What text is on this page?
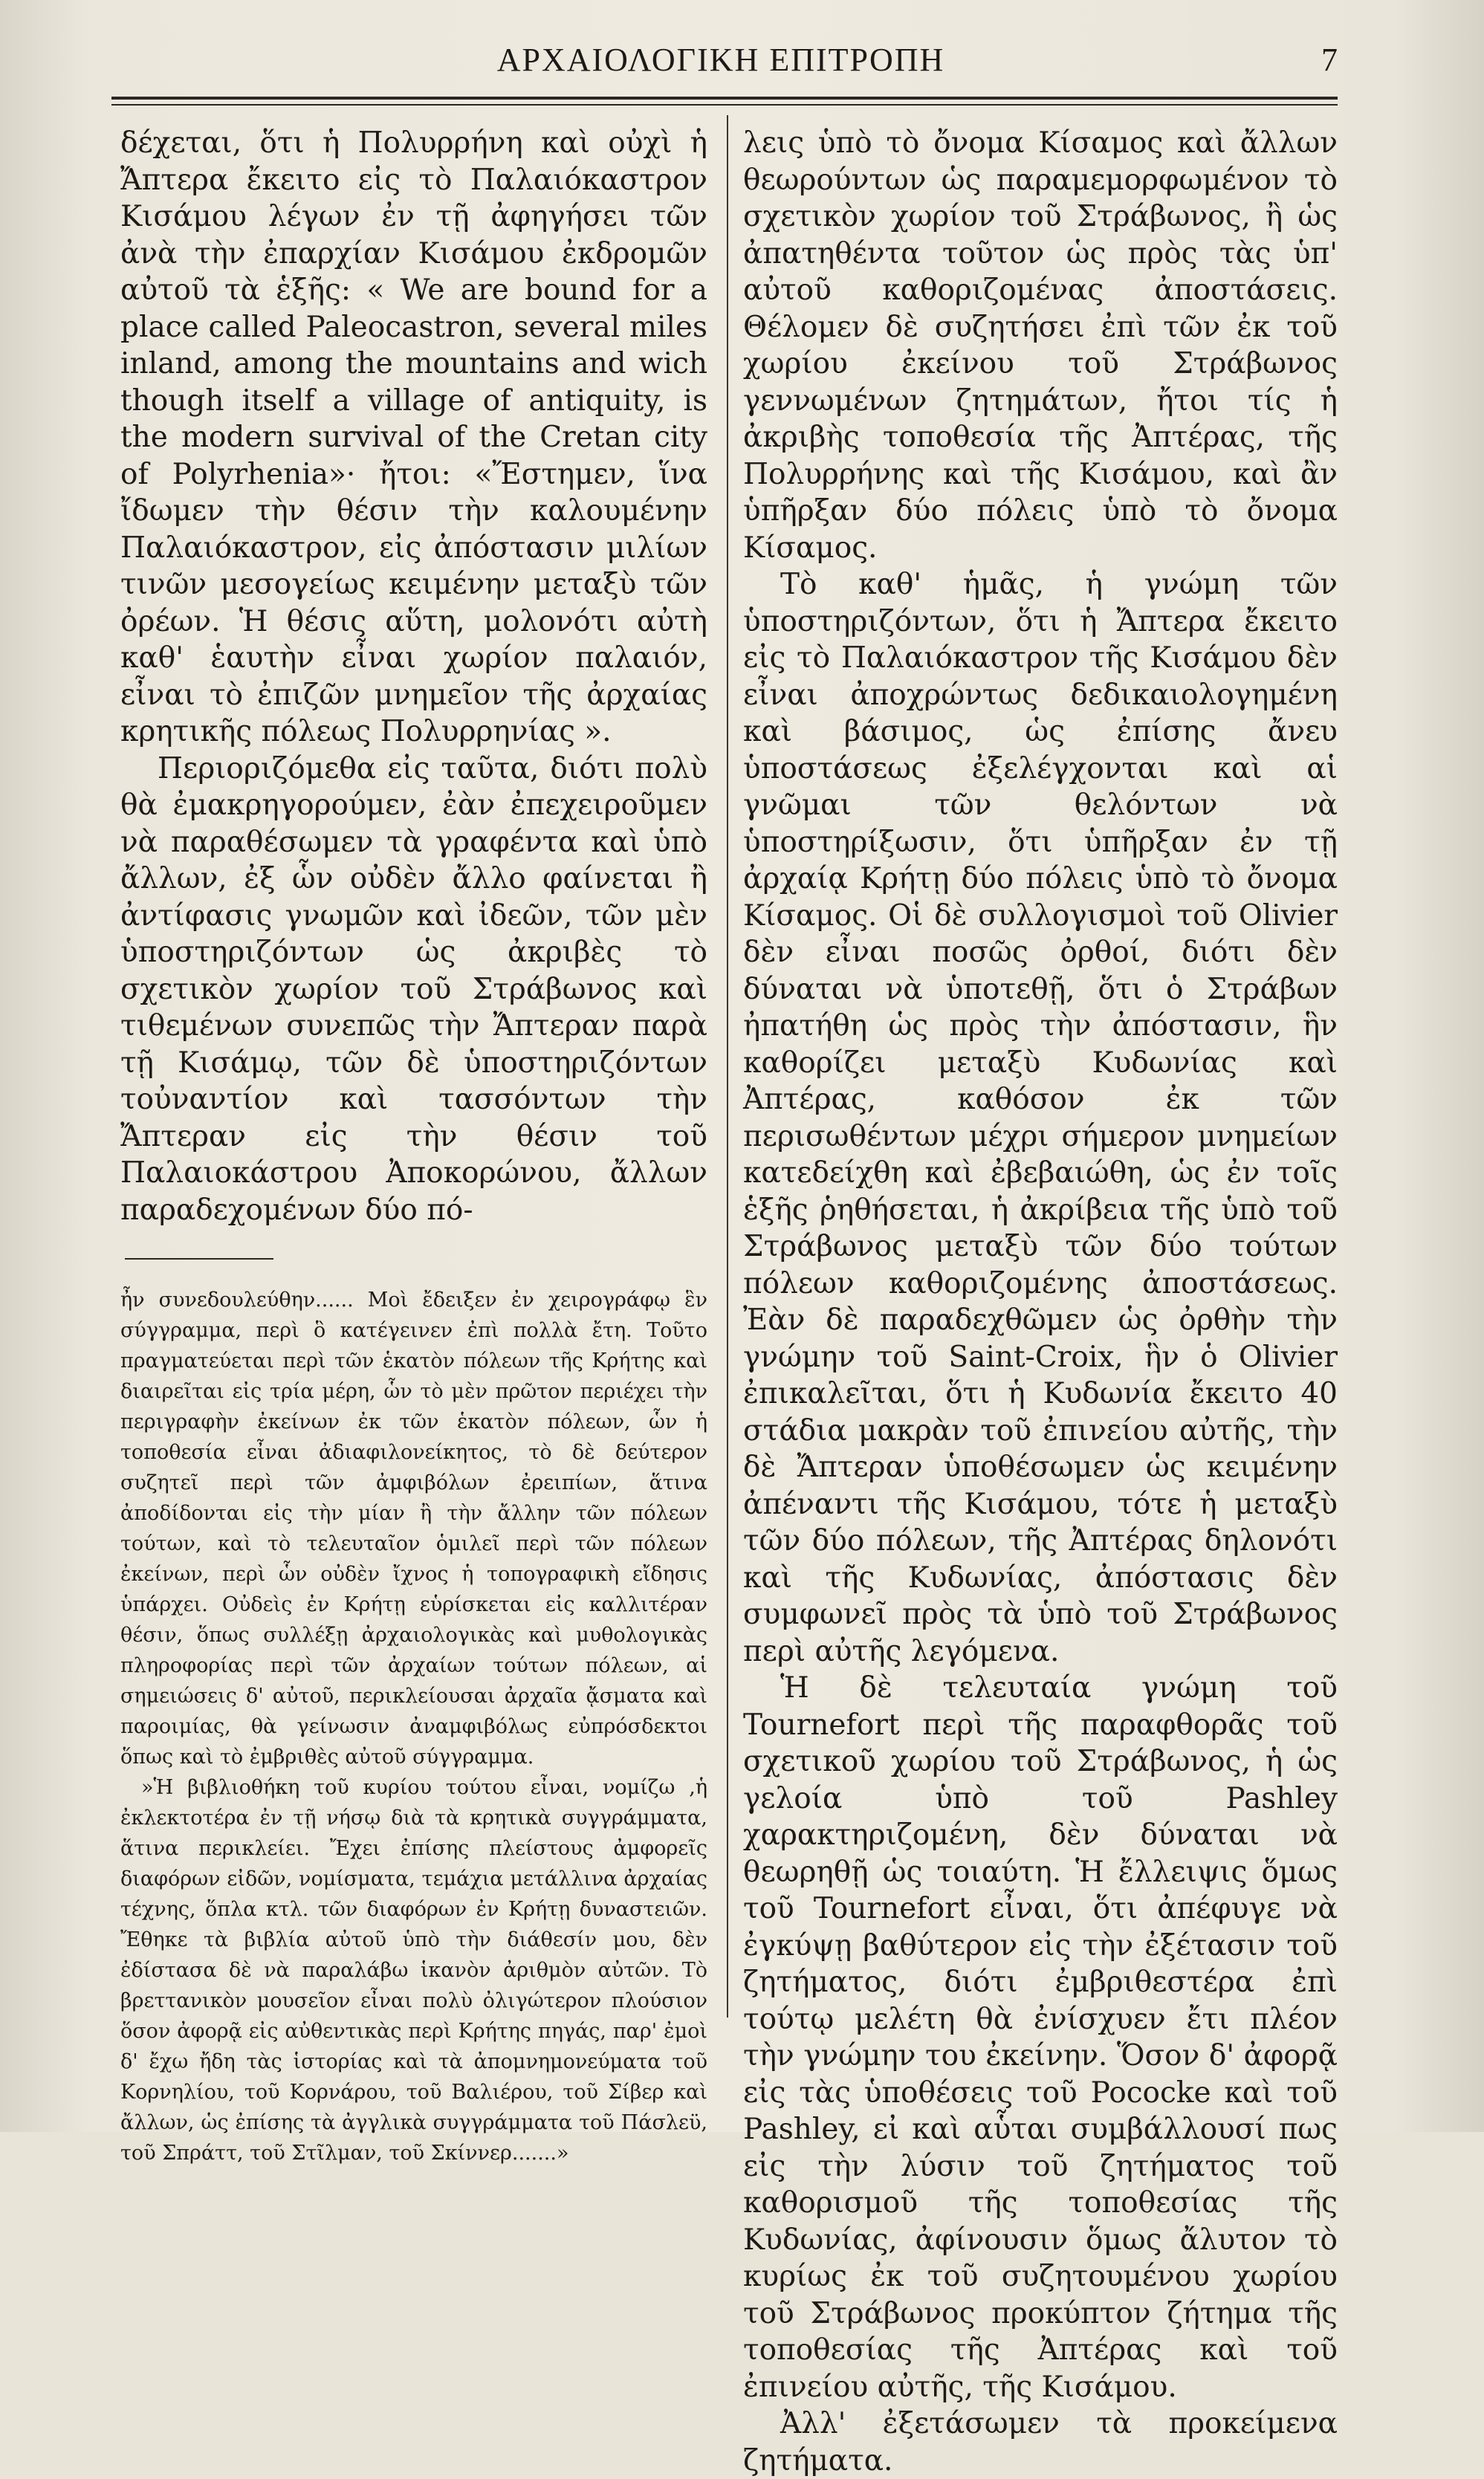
ΑΡΧΑΙΟΛΟΓΙΚΗ ΕΠΙΤΡΟΠΗ	7

δέχεται, ὅτι ἡ Πολυρρήνη καὶ οὐχὶ ἡ Ἄπτερα ἔκειτο εἰς τὸ Παλαιόκαστρον Κισάμου λέγων ἐν τῇ ἀφηγήσει τῶν ἀνὰ τὴν ἐπαρχίαν Κισάμου ἐκδρομῶν αὐτοῦ τὰ ἑξῆς: « We are bound for a place called Paleocastron, several miles inland, among the mountains and wich though itself a village of antiquity, is the modern survival of the Cretan city of Polyrhenia»· ἤτοι: «Ἔστημεν, ἵνα ἴδωμεν τὴν θέσιν τὴν καλουμένην Παλαιόκαστρον, εἰς ἀπόστασιν μιλίων τινῶν μεσογείως κειμένην μεταξὺ τῶν ὀρέων. Ἡ θέσις αὕτη, μολονότι αὐτὴ καθ' ἑαυτὴν εἶναι χωρίον παλαιόν, εἶναι τὸ ἐπιζῶν μνημεῖον τῆς ἀρχαίας κρητικῆς πόλεως Πολυρρηνίας ».

Περιοριζόμεθα εἰς ταῦτα, διότι πολὺ θὰ ἐμακρηγορούμεν, ἐὰν ἐπεχειροῦμεν νὰ παραθέσωμεν τὰ γραφέντα καὶ ὑπὸ ἄλλων, ἐξ ὧν οὐδὲν ἄλλο φαίνεται ἢ ἀντίφασις γνωμῶν καὶ ἰδεῶν, τῶν μὲν ὑποστηριζόντων ὡς ἀκριβὲς τὸ σχετικὸν χωρίον τοῦ Στράβωνος καὶ τιθεμένων συνεπῶς τὴν Ἄπτεραν παρὰ τῇ Κισάμῳ, τῶν δὲ ὑποστηριζόντων τοὐναντίον καὶ τασσόντων τὴν Ἄπτεραν εἰς τὴν θέσιν τοῦ Παλαιοκάστρου Ἀποκορώνου, ἄλλων παραδεχομένων δύο πό-

ἦν συνεδουλεύθην...... Μοὶ ἔδειξεν ἐν χειρογράφῳ ἓν σύγγραμμα, περὶ ὃ κατέγεινεν ἐπὶ πολλὰ ἔτη. Τοῦτο πραγματεύεται περὶ τῶν ἑκατὸν πόλεων τῆς Κρήτης καὶ διαιρεῖται εἰς τρία μέρη, ὧν τὸ μὲν πρῶτον περιέχει τὴν περιγραφὴν ἐκείνων ἐκ τῶν ἑκατὸν πόλεων, ὧν ἡ τοποθεσία εἶναι ἀδιαφιλονείκητος, τὸ δὲ δεύτερον συζητεῖ περὶ τῶν ἀμφιβόλων ἐρειπίων, ἅτινα ἀποδίδονται εἰς τὴν μίαν ἢ τὴν ἄλλην τῶν πόλεων τούτων, καὶ τὸ τελευταῖον ὁμιλεῖ περὶ τῶν πόλεων ἐκείνων, περὶ ὧν οὐδὲν ἴχνος ἡ τοπογραφικὴ εἴδησις ὑπάρχει. Οὐδεὶς ἐν Κρήτῃ εὑρίσκεται εἰς καλλιτέραν θέσιν, ὅπως συλλέξῃ ἀρχαιολογικὰς καὶ μυθολογικὰς πληροφορίας περὶ τῶν ἀρχαίων τούτων πόλεων, αἱ σημειώσεις δ' αὐτοῦ, περικλείουσαι ἀρχαῖα ᾄσματα καὶ παροιμίας, θὰ γείνωσιν ἀναμφιβόλως εὐπρόσδεκτοι ὅπως καὶ τὸ ἐμβριθὲς αὐτοῦ σύγγραμμα.

»Ἡ βιβλιοθήκη τοῦ κυρίου τούτου εἶναι, νομίζω ,ἡ ἐκλεκτοτέρα ἐν τῇ νήσῳ διὰ τὰ κρητικὰ συγγράμματα, ἅτινα περικλείει. Ἔχει ἐπίσης πλείστους ἀμφορεῖς διαφόρων εἰδῶν, νομίσματα, τεμάχια μετάλλινα ἀρχαίας τέχνης, ὅπλα κτλ. τῶν διαφόρων ἐν Κρήτῃ δυναστειῶν. Ἔθηκε τὰ βιβλία αὐτοῦ ὑπὸ τὴν διάθεσίν μου, δὲν ἐδίστασα δὲ νὰ παραλάβω ἱκανὸν ἀριθμὸν αὐτῶν. Τὸ βρεττανικὸν μουσεῖον εἶναι πολὺ ὀλιγώτερον πλούσιον ὅσον ἀφορᾷ εἰς αὐθεντικὰς περὶ Κρήτης πηγάς, παρ' ἐμοὶ δ' ἔχω ἤδη τὰς ἱστορίας καὶ τὰ ἀπομνημονεύματα τοῦ Κορνηλίου, τοῦ Κορνάρου, τοῦ Βαλιέρου, τοῦ Σίβερ καὶ ἄλλων, ὡς ἐπίσης τὰ ἀγγλικὰ συγγράμματα τοῦ Πάσλεϋ, τοῦ Σπράττ, τοῦ Στῖλμαν, τοῦ Σκίννερ.......»

λεις ὑπὸ τὸ ὄνομα Κίσαμος καὶ ἄλλων θεωρούντων ὡς παραμεμορφωμένον τὸ σχετικὸν χωρίον τοῦ Στράβωνος, ἢ ὡς ἀπατηθέντα τοῦτον ὡς πρὸς τὰς ὑπ' αὐτοῦ καθοριζομένας ἀποστάσεις. Θέλομεν δὲ συζητήσει ἐπὶ τῶν ἐκ τοῦ χωρίου ἐκείνου τοῦ Στράβωνος γεννωμένων ζητημάτων, ἤτοι τίς ἡ ἀκριβὴς τοποθεσία τῆς Ἀπτέρας, τῆς Πολυρρήνης καὶ τῆς Κισάμου, καὶ ἂν ὑπῆρξαν δύο πόλεις ὑπὸ τὸ ὄνομα Κίσαμος.

Τὸ καθ' ἡμᾶς, ἡ γνώμη τῶν ὑποστηριζόντων, ὅτι ἡ Ἄπτερα ἔκειτο εἰς τὸ Παλαιόκαστρον τῆς Κισάμου δὲν εἶναι ἀποχρώντως δεδικαιολογημένη καὶ βάσιμος, ὡς ἐπίσης ἄνευ ὑποστάσεως ἐξελέγχονται καὶ αἱ γνῶμαι τῶν θελόντων νὰ ὑποστηρίξωσιν, ὅτι ὑπῆρξαν ἐν τῇ ἀρχαίᾳ Κρήτῃ δύο πόλεις ὑπὸ τὸ ὄνομα Κίσαμος. Οἱ δὲ συλλογισμοὶ τοῦ Olivier δὲν εἶναι ποσῶς ὀρθοί, διότι δὲν δύναται νὰ ὑποτεθῇ, ὅτι ὁ Στράβων ἠπατήθη ὡς πρὸς τὴν ἀπόστασιν, ἣν καθορίζει μεταξὺ Κυδωνίας καὶ Ἀπτέρας, καθόσον ἐκ τῶν περισωθέντων μέχρι σήμερον μνημείων κατεδείχθη καὶ ἐβεβαιώθη, ὡς ἐν τοῖς ἑξῆς ῥηθήσεται, ἡ ἀκρίβεια τῆς ὑπὸ τοῦ Στράβωνος μεταξὺ τῶν δύο τούτων πόλεων καθοριζομένης ἀποστάσεως. Ἐὰν δὲ παραδεχθῶμεν ὡς ὀρθὴν τὴν γνώμην τοῦ Saint-Croix, ἣν ὁ Olivier ἐπικαλεῖται, ὅτι ἡ Κυδωνία ἔκειτο 40 στάδια μακρὰν τοῦ ἐπινείου αὐτῆς, τὴν δὲ Ἄπτεραν ὑποθέσωμεν ὡς κειμένην ἀπέναντι τῆς Κισάμου, τότε ἡ μεταξὺ τῶν δύο πόλεων, τῆς Ἀπτέρας δηλονότι καὶ τῆς Κυδωνίας, ἀπόστασις δὲν συμφωνεῖ πρὸς τὰ ὑπὸ τοῦ Στράβωνος περὶ αὐτῆς λεγόμενα.

Ἡ δὲ τελευταία γνώμη τοῦ Tournefort περὶ τῆς παραφθορᾶς τοῦ σχετικοῦ χωρίου τοῦ Στράβωνος, ἡ ὡς γελοία ὑπὸ τοῦ Pashley χαρακτηριζομένη, δὲν δύναται νὰ θεωρηθῇ ὡς τοιαύτη. Ἡ ἔλλειψις ὅμως τοῦ Tournefort εἶναι, ὅτι ἀπέφυγε νὰ ἐγκύψῃ βαθύτερον εἰς τὴν ἐξέτασιν τοῦ ζητήματος, διότι ἐμβριθεστέρα ἐπὶ τούτῳ μελέτη θὰ ἐνίσχυεν ἔτι πλέον τὴν γνώμην του ἐκείνην. Ὅσον δ' ἀφορᾷ εἰς τὰς ὑποθέσεις τοῦ Pococke καὶ τοῦ Pashley, εἰ καὶ αὗται συμβάλλουσί πως εἰς τὴν λύσιν τοῦ ζητήματος τοῦ καθορισμοῦ τῆς τοποθεσίας τῆς Κυδωνίας, ἀφίνουσιν ὅμως ἄλυτον τὸ κυρίως ἐκ τοῦ συζητουμένου χωρίου τοῦ Στράβωνος προκύπτον ζήτημα τῆς τοποθεσίας τῆς Ἀπτέρας καὶ τοῦ ἐπινείου αὐτῆς, τῆς Κισάμου.

Ἀλλ' ἐξετάσωμεν τὰ προκείμενα ζητήματα.
